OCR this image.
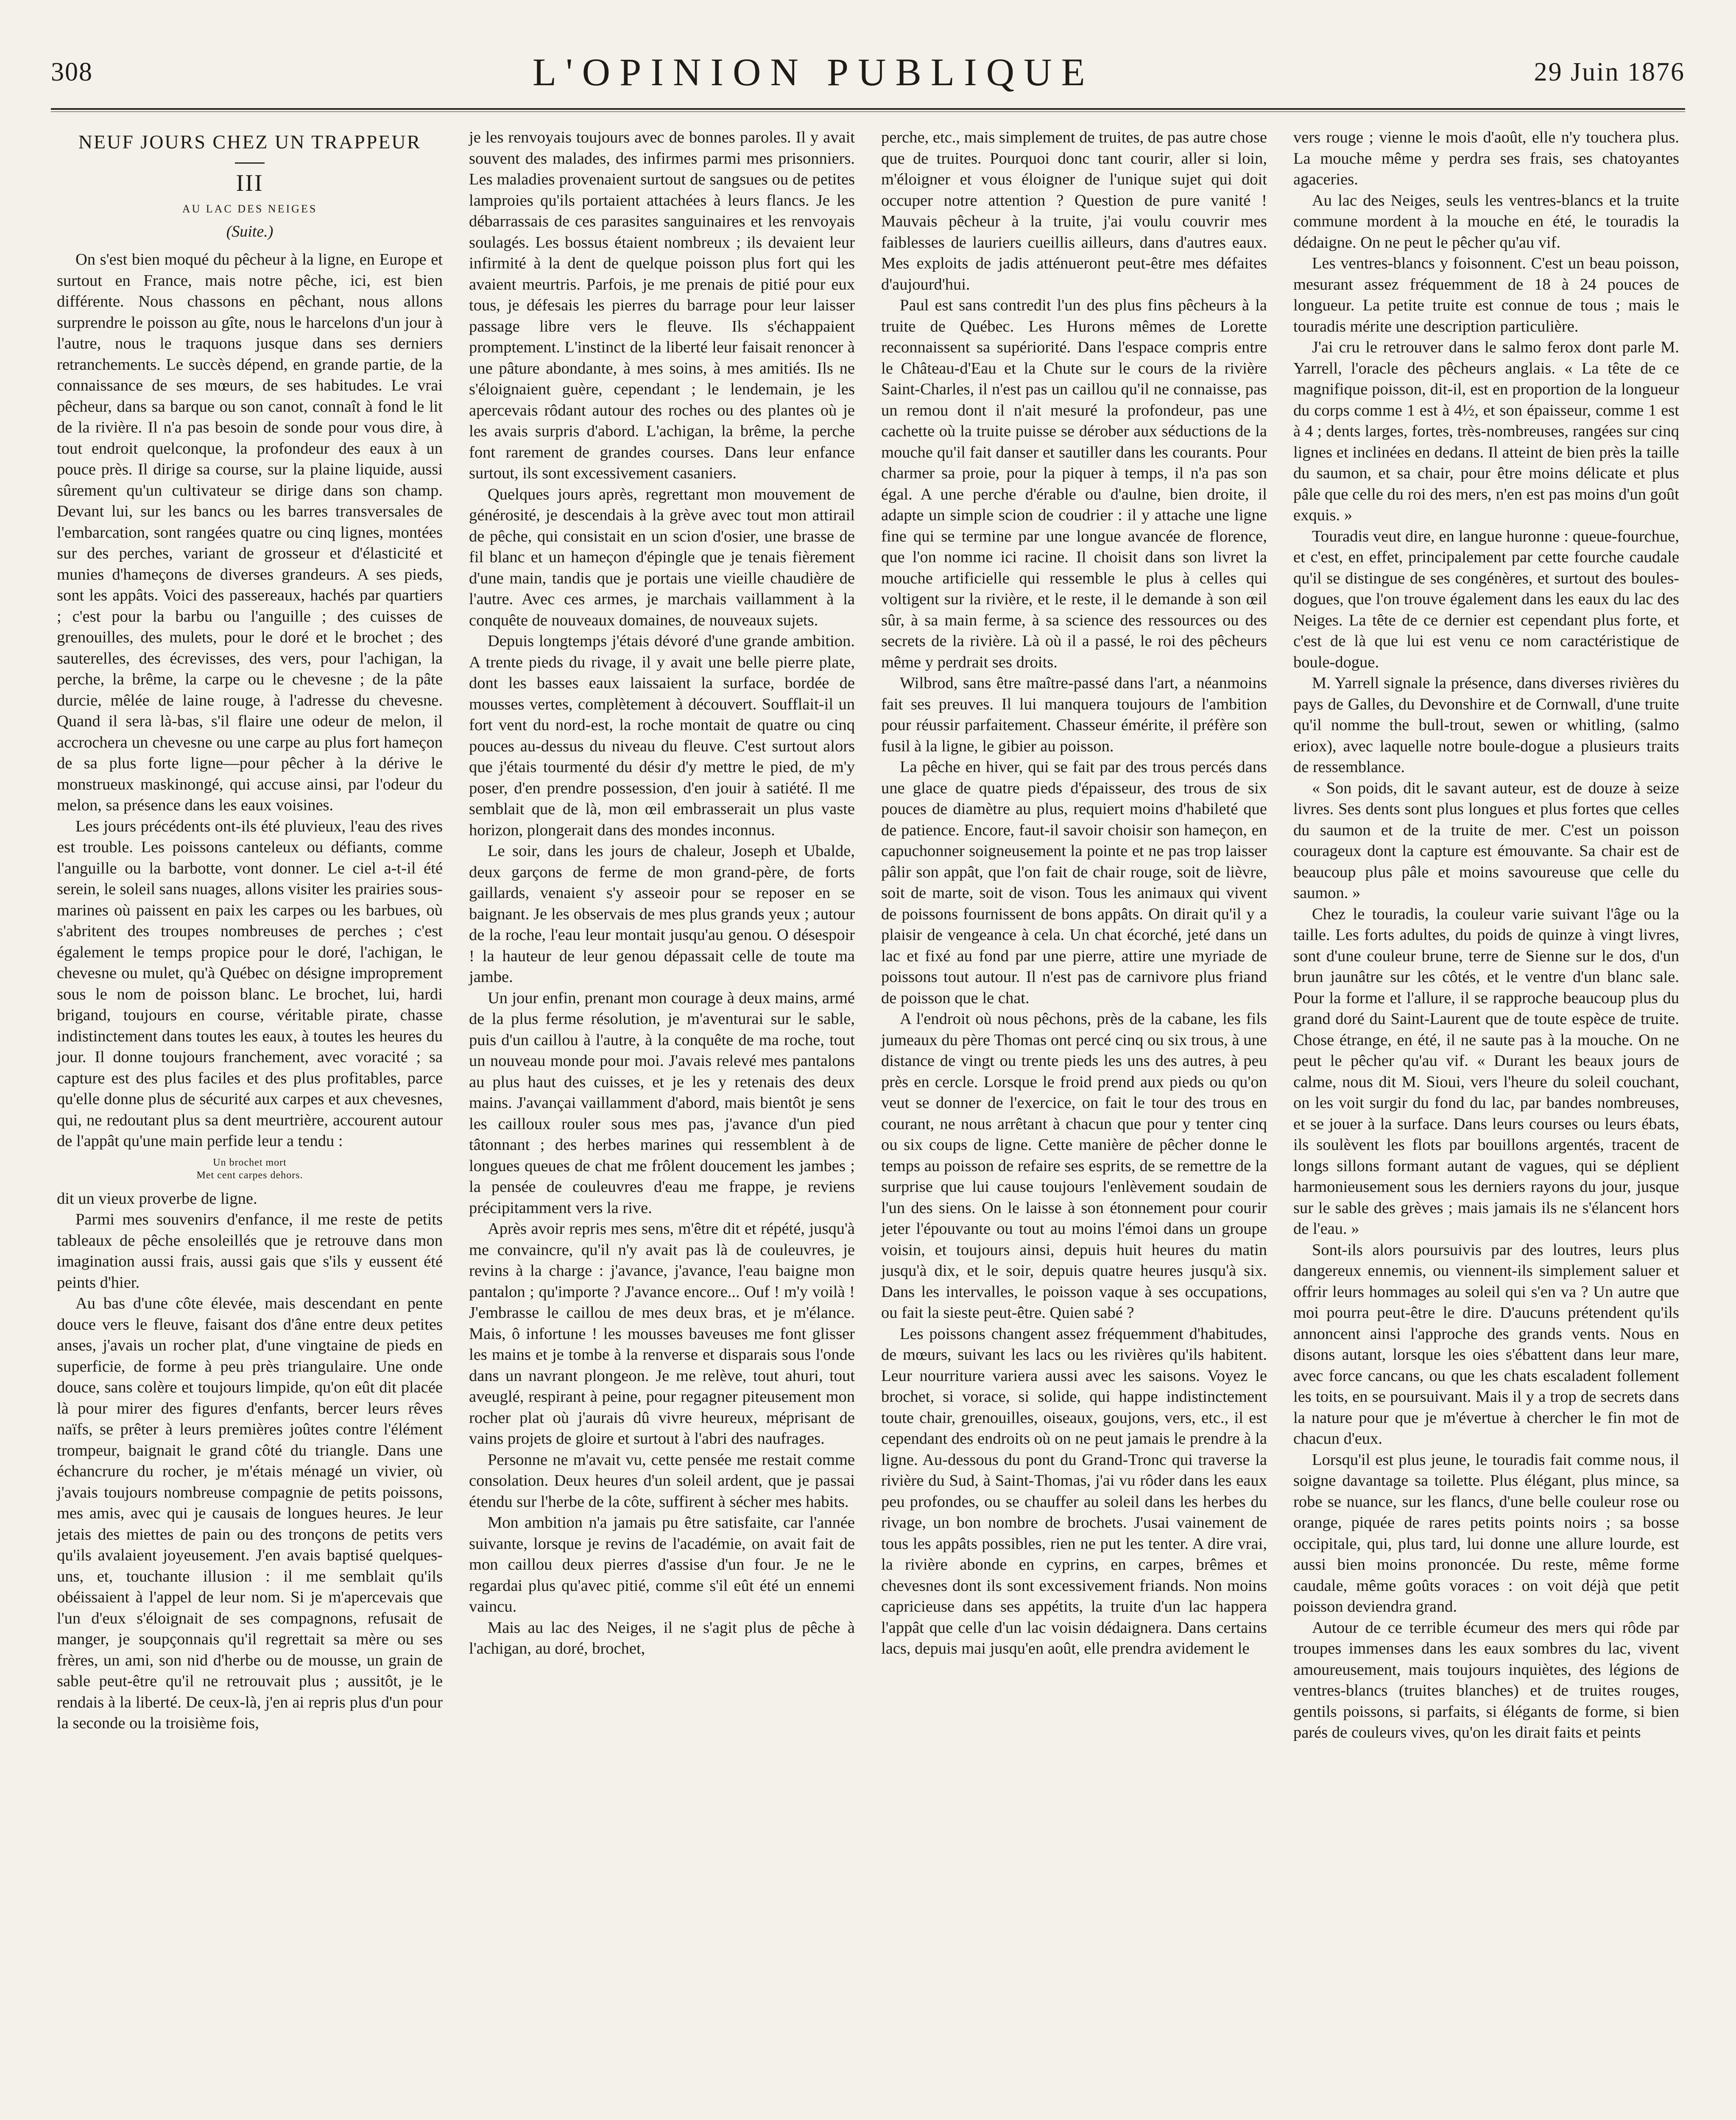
308	L'OPINION PUBLIQUE	29 Juin 1876
NEUF JOURS CHEZ UN TRAPPEUR
III
AU LAC DES NEIGES
(Suite.)

On s'est bien moqué du pêcheur à la ligne, en Europe et surtout en France, mais notre pêche, ici, est bien différente. Nous chassons en pêchant, nous allons surprendre le poisson au gîte, nous le harcelons d'un jour à l'autre, nous le traquons jusque dans ses derniers retranchements. Le succès dépend, en grande partie, de la connaissance de ses mœurs, de ses habitudes. Le vrai pêcheur, dans sa barque ou son canot, connaît à fond le lit de la rivière. Il n'a pas besoin de sonde pour vous dire, à tout endroit quelconque, la profondeur des eaux à un pouce près. Il dirige sa course, sur la plaine liquide, aussi sûrement qu'un cultivateur se dirige dans son champ. Devant lui, sur les bancs ou les barres transversales de l'embarcation, sont rangées quatre ou cinq lignes, montées sur des perches, variant de grosseur et d'élasticité et munies d'hameçons de diverses grandeurs. A ses pieds, sont les appâts. Voici des passereaux, hachés par quartiers ; c'est pour la barbu ou l'anguille ; des cuisses de grenouilles, des mulets, pour le doré et le brochet ; des sauterelles, des écrevisses, des vers, pour l'achigan, la perche, la brême, la carpe ou le chevesne ; de la pâte durcie, mêlée de laine rouge, à l'adresse du chevesne. Quand il sera là-bas, s'il flaire une odeur de melon, il accrochera un chevesne ou une carpe au plus fort hameçon de sa plus forte ligne—pour pêcher à la dérive le monstrueux maskinongé, qui accuse ainsi, par l'odeur du melon, sa présence dans les eaux voisines.

Les jours précédents ont-ils été pluvieux, l'eau des rives est trouble. Les poissons canteleux ou défiants, comme l'anguille ou la barbotte, vont donner. Le ciel a-t-il été serein, le soleil sans nuages, allons visiter les prairies sous-marines où paissent en paix les carpes ou les barbues, où s'abritent des troupes nombreuses de perches ; c'est également le temps propice pour le doré, l'achigan, le chevesne ou mulet, qu'à Québec on désigne improprement sous le nom de poisson blanc. Le brochet, lui, hardi brigand, toujours en course, véritable pirate, chasse indistinctement dans toutes les eaux, à toutes les heures du jour. Il donne toujours franchement, avec voracité ; sa capture est des plus faciles et des plus profitables, parce qu'elle donne plus de sécurité aux carpes et aux chevesnes, qui, ne redoutant plus sa dent meurtrière, accourent autour de l'appât qu'une main perfide leur a tendu :

Un brochet mort
Met cent carpes dehors.

dit un vieux proverbe de ligne.

Parmi mes souvenirs d'enfance, il me reste de petits tableaux de pêche ensoleillés que je retrouve dans mon imagination aussi frais, aussi gais que s'ils y eussent été peints d'hier.

Au bas d'une côte élevée, mais descendant en pente douce vers le fleuve, faisant dos d'âne entre deux petites anses, j'avais un rocher plat, d'une vingtaine de pieds en superficie, de forme à peu près triangulaire. Une onde douce, sans colère et toujours limpide, qu'on eût dit placée là pour mirer des figures d'enfants, bercer leurs rêves naïfs, se prêter à leurs premières joûtes contre l'élément trompeur, baignait le grand côté du triangle. Dans une échancrure du rocher, je m'étais ménagé un vivier, où j'avais toujours nombreuse compagnie de petits poissons, mes amis, avec qui je causais de longues heures. Je leur jetais des miettes de pain ou des tronçons de petits vers qu'ils avalaient joyeusement. J'en avais baptisé quelques-uns, et, touchante illusion : il me semblait qu'ils obéissaient à l'appel de leur nom. Si je m'apercevais que l'un d'eux s'éloignait de ses compagnons, refusait de manger, je soupçonnais qu'il regrettait sa mère ou ses frères, un ami, son nid d'herbe ou de mousse, un grain de sable peut-être qu'il ne retrouvait plus ; aussitôt, je le rendais à la liberté. De ceux-là, j'en ai repris plus d'un pour la seconde ou la troisième fois,

je les renvoyais toujours avec de bonnes paroles. Il y avait souvent des malades, des infirmes parmi mes prisonniers. Les maladies provenaient surtout de sangsues ou de petites lamproies qu'ils portaient attachées à leurs flancs. Je les débarrassais de ces parasites sanguinaires et les renvoyais soulagés. Les bossus étaient nombreux ; ils devaient leur infirmité à la dent de quelque poisson plus fort qui les avaient meurtris. Parfois, je me prenais de pitié pour eux tous, je défesais les pierres du barrage pour leur laisser passage libre vers le fleuve. Ils s'échappaient promptement. L'instinct de la liberté leur faisait renoncer à une pâture abondante, à mes soins, à mes amitiés. Ils ne s'éloignaient guère, cependant ; le lendemain, je les apercevais rôdant autour des roches ou des plantes où je les avais surpris d'abord. L'achigan, la brême, la perche font rarement de grandes courses. Dans leur enfance surtout, ils sont excessivement casaniers.

Quelques jours après, regrettant mon mouvement de générosité, je descendais à la grève avec tout mon attirail de pêche, qui consistait en un scion d'osier, une brasse de fil blanc et un hameçon d'épingle que je tenais fièrement d'une main, tandis que je portais une vieille chaudière de l'autre. Avec ces armes, je marchais vaillamment à la conquête de nouveaux domaines, de nouveaux sujets.

Depuis longtemps j'étais dévoré d'une grande ambition. A trente pieds du rivage, il y avait une belle pierre plate, dont les basses eaux laissaient la surface, bordée de mousses vertes, complètement à découvert. Soufflait-il un fort vent du nord-est, la roche montait de quatre ou cinq pouces au-dessus du niveau du fleuve. C'est surtout alors que j'étais tourmenté du désir d'y mettre le pied, de m'y poser, d'en prendre possession, d'en jouir à satiété. Il me semblait que de là, mon œil embrasserait un plus vaste horizon, plongerait dans des mondes inconnus.

Le soir, dans les jours de chaleur, Joseph et Ubalde, deux garçons de ferme de mon grand-père, de forts gaillards, venaient s'y asseoir pour se reposer en se baignant. Je les observais de mes plus grands yeux ; autour de la roche, l'eau leur montait jusqu'au genou. O désespoir ! la hauteur de leur genou dépassait celle de toute ma jambe.

Un jour enfin, prenant mon courage à deux mains, armé de la plus ferme résolution, je m'aventurai sur le sable, puis d'un caillou à l'autre, à la conquête de ma roche, tout un nouveau monde pour moi. J'avais relevé mes pantalons au plus haut des cuisses, et je les y retenais des deux mains. J'avançai vaillamment d'abord, mais bientôt je sens les cailloux rouler sous mes pas, j'avance d'un pied tâtonnant ; des herbes marines qui ressemblent à de longues queues de chat me frôlent doucement les jambes ; la pensée de couleuvres d'eau me frappe, je reviens précipitamment vers la rive.

Après avoir repris mes sens, m'être dit et répété, jusqu'à me convaincre, qu'il n'y avait pas là de couleuvres, je revins à la charge : j'avance, j'avance, l'eau baigne mon pantalon ; qu'importe ? J'avance encore... Ouf ! m'y voilà ! J'embrasse le caillou de mes deux bras, et je m'élance. Mais, ô infortune ! les mousses baveuses me font glisser les mains et je tombe à la renverse et disparais sous l'onde dans un navrant plongeon. Je me relève, tout ahuri, tout aveuglé, respirant à peine, pour regagner piteusement mon rocher plat où j'aurais dû vivre heureux, méprisant de vains projets de gloire et surtout à l'abri des naufrages.

Personne ne m'avait vu, cette pensée me restait comme consolation. Deux heures d'un soleil ardent, que je passai étendu sur l'herbe de la côte, suffirent à sécher mes habits.

Mon ambition n'a jamais pu être satisfaite, car l'année suivante, lorsque je revins de l'académie, on avait fait de mon caillou deux pierres d'assise d'un four. Je ne le regardai plus qu'avec pitié, comme s'il eût été un ennemi vaincu.

Mais au lac des Neiges, il ne s'agit plus de pêche à l'achigan, au doré, brochet,

perche, etc., mais simplement de truites, de pas autre chose que de truites. Pourquoi donc tant courir, aller si loin, m'éloigner et vous éloigner de l'unique sujet qui doit occuper notre attention ? Question de pure vanité ! Mauvais pêcheur à la truite, j'ai voulu couvrir mes faiblesses de lauriers cueillis ailleurs, dans d'autres eaux. Mes exploits de jadis atténueront peut-être mes défaites d'aujourd'hui.

Paul est sans contredit l'un des plus fins pêcheurs à la truite de Québec. Les Hurons mêmes de Lorette reconnaissent sa supériorité. Dans l'espace compris entre le Château-d'Eau et la Chute sur le cours de la rivière Saint-Charles, il n'est pas un caillou qu'il ne connaisse, pas un remou dont il n'ait mesuré la profondeur, pas une cachette où la truite puisse se dérober aux séductions de la mouche qu'il fait danser et sautiller dans les courants. Pour charmer sa proie, pour la piquer à temps, il n'a pas son égal. A une perche d'érable ou d'aulne, bien droite, il adapte un simple scion de coudrier : il y attache une ligne fine qui se termine par une longue avancée de florence, que l'on nomme ici racine. Il choisit dans son livret la mouche artificielle qui ressemble le plus à celles qui voltigent sur la rivière, et le reste, il le demande à son œil sûr, à sa main ferme, à sa science des ressources ou des secrets de la rivière. Là où il a passé, le roi des pêcheurs même y perdrait ses droits.

Wilbrod, sans être maître-passé dans l'art, a néanmoins fait ses preuves. Il lui manquera toujours de l'ambition pour réussir parfaitement. Chasseur émérite, il préfère son fusil à la ligne, le gibier au poisson.

La pêche en hiver, qui se fait par des trous percés dans une glace de quatre pieds d'épaisseur, des trous de six pouces de diamètre au plus, requiert moins d'habileté que de patience. Encore, faut-il savoir choisir son hameçon, en capuchonner soigneusement la pointe et ne pas trop laisser pâlir son appât, que l'on fait de chair rouge, soit de lièvre, soit de marte, soit de vison. Tous les animaux qui vivent de poissons fournissent de bons appâts. On dirait qu'il y a plaisir de vengeance à cela. Un chat écorché, jeté dans un lac et fixé au fond par une pierre, attire une myriade de poissons tout autour. Il n'est pas de carnivore plus friand de poisson que le chat.

A l'endroit où nous pêchons, près de la cabane, les fils jumeaux du père Thomas ont percé cinq ou six trous, à une distance de vingt ou trente pieds les uns des autres, à peu près en cercle. Lorsque le froid prend aux pieds ou qu'on veut se donner de l'exercice, on fait le tour des trous en courant, ne nous arrêtant à chacun que pour y tenter cinq ou six coups de ligne. Cette manière de pêcher donne le temps au poisson de refaire ses esprits, de se remettre de la surprise que lui cause toujours l'enlèvement soudain de l'un des siens. On le laisse à son étonnement pour courir jeter l'épouvante ou tout au moins l'émoi dans un groupe voisin, et toujours ainsi, depuis huit heures du matin jusqu'à dix, et le soir, depuis quatre heures jusqu'à six. Dans les intervalles, le poisson vaque à ses occupations, ou fait la sieste peut-être. Quien sabé ?

Les poissons changent assez fréquemment d'habitudes, de mœurs, suivant les lacs ou les rivières qu'ils habitent. Leur nourriture variera aussi avec les saisons. Voyez le brochet, si vorace, si solide, qui happe indistinctement toute chair, grenouilles, oiseaux, goujons, vers, etc., il est cependant des endroits où on ne peut jamais le prendre à la ligne. Au-dessous du pont du Grand-Tronc qui traverse la rivière du Sud, à Saint-Thomas, j'ai vu rôder dans les eaux peu profondes, ou se chauffer au soleil dans les herbes du rivage, un bon nombre de brochets. J'usai vainement de tous les appâts possibles, rien ne put les tenter. A dire vrai, la rivière abonde en cyprins, en carpes, brêmes et chevesnes dont ils sont excessivement friands. Non moins capricieuse dans ses appétits, la truite d'un lac happera l'appât que celle d'un lac voisin dédaignera. Dans certains lacs, depuis mai jusqu'en août, elle prendra avidement le

vers rouge ; vienne le mois d'août, elle n'y touchera plus. La mouche même y perdra ses frais, ses chatoyantes agaceries.

Au lac des Neiges, seuls les ventres-blancs et la truite commune mordent à la mouche en été, le touradis la dédaigne. On ne peut le pêcher qu'au vif.

Les ventres-blancs y foisonnent. C'est un beau poisson, mesurant assez fréquemment de 18 à 24 pouces de longueur. La petite truite est connue de tous ; mais le touradis mérite une description particulière.

J'ai cru le retrouver dans le salmo ferox dont parle M. Yarrell, l'oracle des pêcheurs anglais. « La tête de ce magnifique poisson, dit-il, est en proportion de la longueur du corps comme 1 est à 4½, et son épaisseur, comme 1 est à 4 ; dents larges, fortes, très-nombreuses, rangées sur cinq lignes et inclinées en dedans. Il atteint de bien près la taille du saumon, et sa chair, pour être moins délicate et plus pâle que celle du roi des mers, n'en est pas moins d'un goût exquis. »

Touradis veut dire, en langue huronne : queue-fourchue, et c'est, en effet, principalement par cette fourche caudale qu'il se distingue de ses congénères, et surtout des boules-dogues, que l'on trouve également dans les eaux du lac des Neiges. La tête de ce dernier est cependant plus forte, et c'est de là que lui est venu ce nom caractéristique de boule-dogue.

M. Yarrell signale la présence, dans diverses rivières du pays de Galles, du Devonshire et de Cornwall, d'une truite qu'il nomme the bull-trout, sewen or whitling, (salmo eriox), avec laquelle notre boule-dogue a plusieurs traits de ressemblance.

« Son poids, dit le savant auteur, est de douze à seize livres. Ses dents sont plus longues et plus fortes que celles du saumon et de la truite de mer. C'est un poisson courageux dont la capture est émouvante. Sa chair est de beaucoup plus pâle et moins savoureuse que celle du saumon. »

Chez le touradis, la couleur varie suivant l'âge ou la taille. Les forts adultes, du poids de quinze à vingt livres, sont d'une couleur brune, terre de Sienne sur le dos, d'un brun jaunâtre sur les côtés, et le ventre d'un blanc sale. Pour la forme et l'allure, il se rapproche beaucoup plus du grand doré du Saint-Laurent que de toute espèce de truite. Chose étrange, en été, il ne saute pas à la mouche. On ne peut le pêcher qu'au vif. « Durant les beaux jours de calme, nous dit M. Sioui, vers l'heure du soleil couchant, on les voit surgir du fond du lac, par bandes nombreuses, et se jouer à la surface. Dans leurs courses ou leurs ébats, ils soulèvent les flots par bouillons argentés, tracent de longs sillons formant autant de vagues, qui se déplient harmonieusement sous les derniers rayons du jour, jusque sur le sable des grèves ; mais jamais ils ne s'élancent hors de l'eau. »

Sont-ils alors poursuivis par des loutres, leurs plus dangereux ennemis, ou viennent-ils simplement saluer et offrir leurs hommages au soleil qui s'en va ? Un autre que moi pourra peut-être le dire. D'aucuns prétendent qu'ils annoncent ainsi l'approche des grands vents. Nous en disons autant, lorsque les oies s'ébattent dans leur mare, avec force cancans, ou que les chats escaladent follement les toits, en se poursuivant. Mais il y a trop de secrets dans la nature pour que je m'évertue à chercher le fin mot de chacun d'eux.

Lorsqu'il est plus jeune, le touradis fait comme nous, il soigne davantage sa toilette. Plus élégant, plus mince, sa robe se nuance, sur les flancs, d'une belle couleur rose ou orange, piquée de rares petits points noirs ; sa bosse occipitale, qui, plus tard, lui donne une allure lourde, est aussi bien moins prononcée. Du reste, même forme caudale, même goûts voraces : on voit déjà que petit poisson deviendra grand.

Autour de ce terrible écumeur des mers qui rôde par troupes immenses dans les eaux sombres du lac, vivent amoureusement, mais toujours inquiètes, des légions de ventres-blancs (truites blanches) et de truites rouges, gentils poissons, si parfaits, si élégants de forme, si bien parés de couleurs vives, qu'on les dirait faits et peints
